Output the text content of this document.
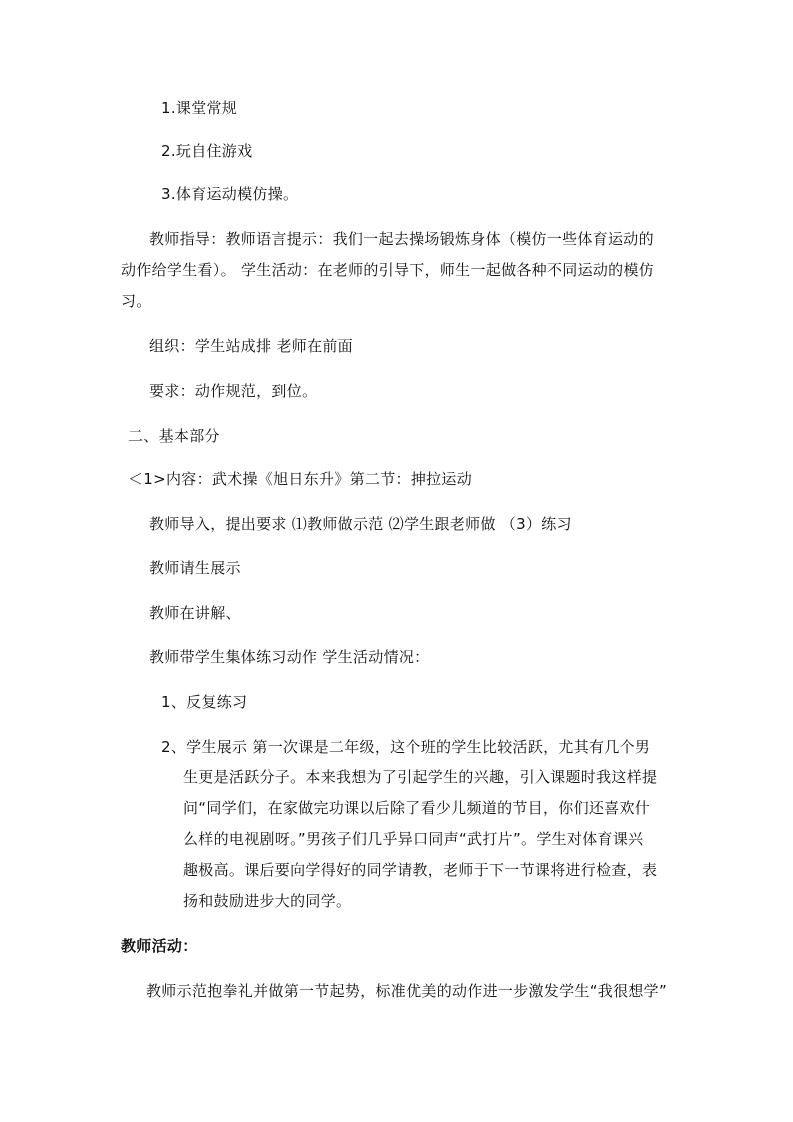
1.课堂常规
2.玩自住游戏
3.体育运动模仿操。
教师指导：教师语言提示：我们一起去操场锻炼身体（模仿一些体育运动的
动作给学生看）。 学生活动：在老师的引导下，师生一起做各种不同运动的模仿
习。
组织：学生站成排 老师在前面
要求：动作规范，到位。
二、基本部分
＜1>内容：武术操《旭日东升》第二节：抻拉运动
教师导入，提出要求 ⑴教师做示范 ⑵学生跟老师做 （3）练习
教师请生展示
教师在讲解、
教师带学生集体练习动作 学生活动情况：
1、反复练习
2、学生展示 第一次课是二年级，这个班的学生比较活跃，尤其有几个男
生更是活跃分子。本来我想为了引起学生的兴趣，引入课题时我这样提
问“同学们，在家做完功课以后除了看少儿频道的节目，你们还喜欢什
么样的电视剧呀。”男孩子们几乎异口同声“武打片”。学生对体育课兴
趣极高。课后要向学得好的同学请教，老师于下一节课将进行检查，表
扬和鼓励进步大的同学。
教师活动：
教师示范抱拳礼并做第一节起势，标准优美的动作进一步激发学生“我很想学”
